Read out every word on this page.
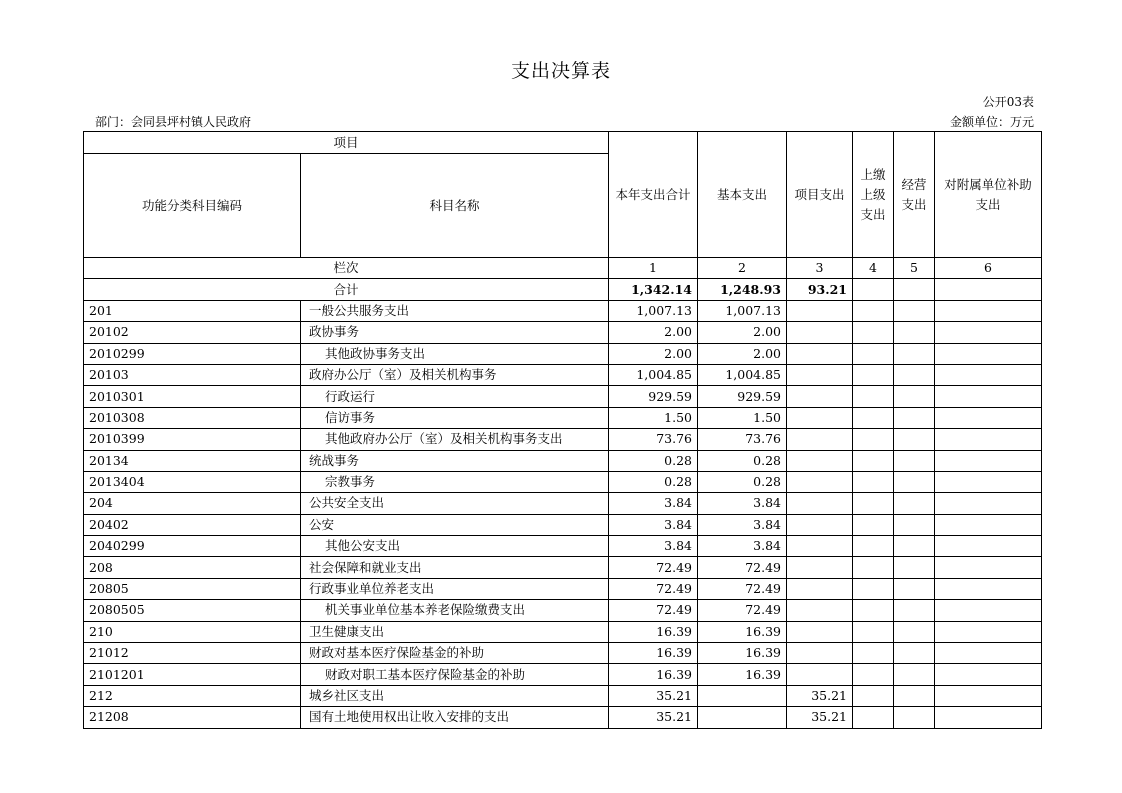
支出决算表
公开03表
部门：会同县坪村镇人民政府	金额单位：万元
项目		本年支出合计	基本支出	项目支出	上缴上级支出	经营支出	对附属单位补助支出
功能分类科目编码	科目名称						
栏次		1	2	3	4	5	6
合计		1,342.14	1,248.93	93.21			
201	一般公共服务支出	1,007.13	1,007.13				
20102	政协事务	2.00	2.00				
2010299	其他政协事务支出	2.00	2.00				
20103	政府办公厅（室）及相关机构事务	1,004.85	1,004.85				
2010301	行政运行	929.59	929.59				
2010308	信访事务	1.50	1.50				
2010399	其他政府办公厅（室）及相关机构事务支出	73.76	73.76				
20134	统战事务	0.28	0.28				
2013404	宗教事务	0.28	0.28				
204	公共安全支出	3.84	3.84				
20402	公安	3.84	3.84				
2040299	其他公安支出	3.84	3.84				
208	社会保障和就业支出	72.49	72.49				
20805	行政事业单位养老支出	72.49	72.49				
2080505	机关事业单位基本养老保险缴费支出	72.49	72.49				
210	卫生健康支出	16.39	16.39				
21012	财政对基本医疗保险基金的补助	16.39	16.39				
2101201	财政对职工基本医疗保险基金的补助	16.39	16.39				
212	城乡社区支出	35.21		35.21			
21208	国有土地使用权出让收入安排的支出	35.21		35.21			
